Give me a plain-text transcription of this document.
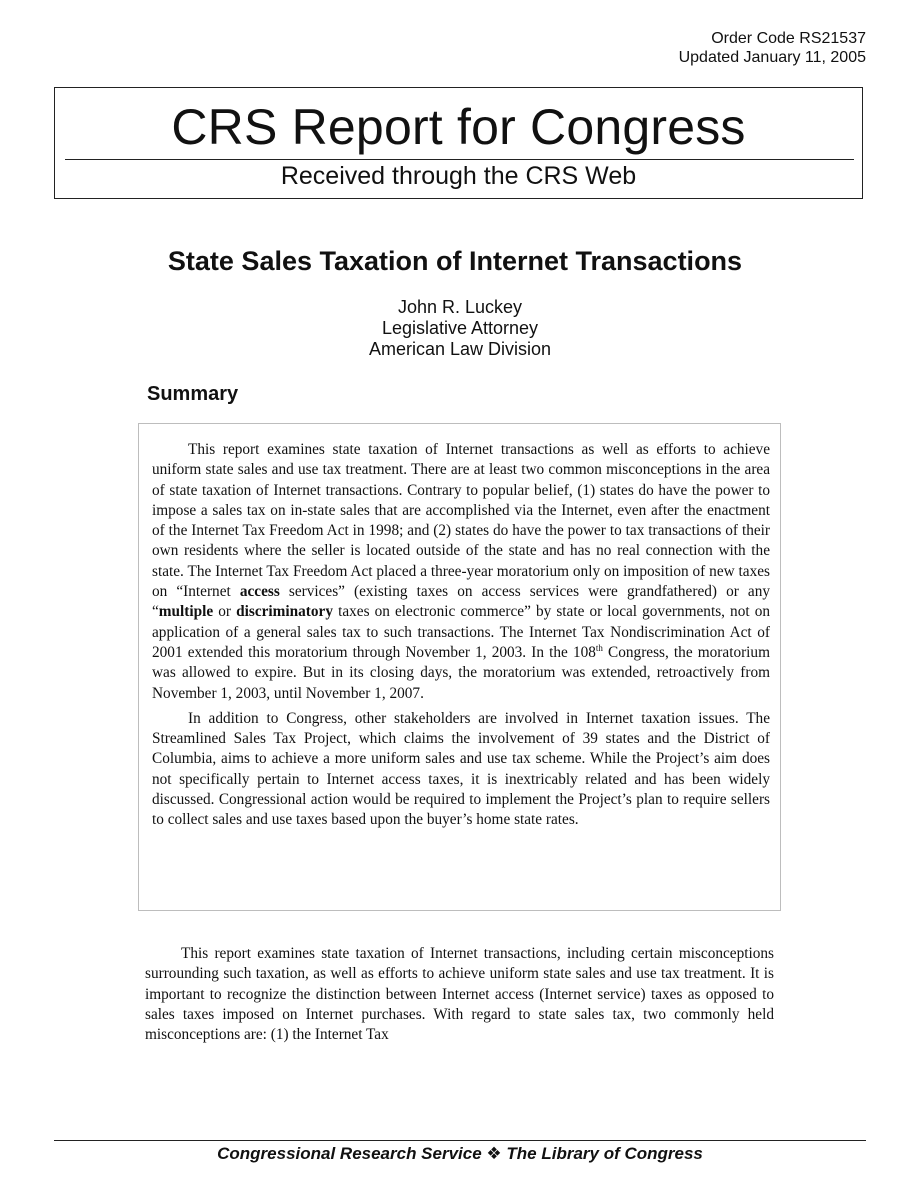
Order Code RS21537
Updated January 11, 2005
CRS Report for Congress
Received through the CRS Web
State Sales Taxation of Internet Transactions
John R. Luckey
Legislative Attorney
American Law Division
Summary

This report examines state taxation of Internet transactions as well as efforts to achieve uniform state sales and use tax treatment. There are at least two common misconceptions in the area of state taxation of Internet transactions. Contrary to popular belief, (1) states do have the power to impose a sales tax on in-state sales that are accomplished via the Internet, even after the enactment of the Internet Tax Freedom Act in 1998; and (2) states do have the power to tax transactions of their own residents where the seller is located outside of the state and has no real connection with the state. The Internet Tax Freedom Act placed a three-year moratorium only on imposition of new taxes on “Internet access services” (existing taxes on access services were grandfathered) or any “multiple or discriminatory taxes on electronic commerce” by state or local governments, not on application of a general sales tax to such transactions. The Internet Tax Nondiscrimination Act of 2001 extended this moratorium through November 1, 2003. In the 108th Congress, the moratorium was allowed to expire. But in its closing days, the moratorium was extended, retroactively from November 1, 2003, until November 1, 2007.

In addition to Congress, other stakeholders are involved in Internet taxation issues. The Streamlined Sales Tax Project, which claims the involvement of 39 states and the District of Columbia, aims to achieve a more uniform sales and use tax scheme. While the Project’s aim does not specifically pertain to Internet access taxes, it is inextricably related and has been widely discussed. Congressional action would be required to implement the Project’s plan to require sellers to collect sales and use taxes based upon the buyer’s home state rates.

This report examines state taxation of Internet transactions, including certain misconceptions surrounding such taxation, as well as efforts to achieve uniform state sales and use tax treatment. It is important to recognize the distinction between Internet access (Internet service) taxes as opposed to sales taxes imposed on Internet purchases. With regard to state sales tax, two commonly held misconceptions are: (1) the Internet Tax

Congressional Research Service ❖ The Library of Congress
